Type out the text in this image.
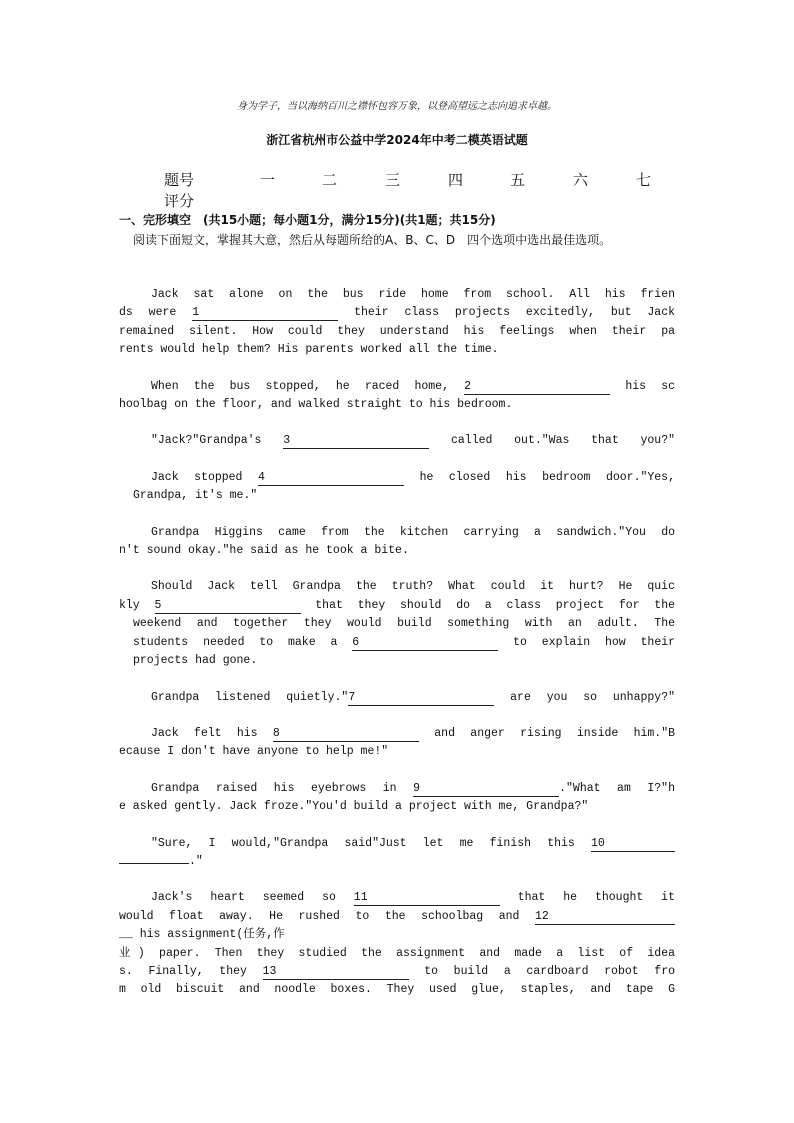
身为学子，当以海纳百川之襟怀包容万象，以登高望远之志向追求卓越。
浙江省杭州市公益中学2024年中考二模英语试题
题号	一	二	三	四	五	六	七
评分
一、完形填空　(共15小题；每小题1分，满分15分)(共1题；共15分)
阅读下面短文，掌握其大意，然后从每题所给的A、B、C、D　四个选项中选出最佳选项。
Jack sat alone on the bus ride home from school. All his frien
ds were 1	their class projects excitedly, but Jack
remained silent. How could they understand his feelings when their pa
rents would help them? His parents worked all the time.
When the bus stopped, he raced home, 2	his sc
hoolbag on the floor, and walked straight to his bedroom.
"Jack?"Grandpa's 3	called out."Was that you?"
Jack stopped 4	he closed his bedroom door."Yes,
Grandpa, it's me."
Grandpa Higgins came from the kitchen carrying a sandwich."You do
n't sound okay."he said as he took a bite.
Should Jack tell Grandpa the truth? What could it hurt? He quic
kly 5	that they should do a class project for the
weekend and together they would build something with an adult. The
students needed to make a 6	to explain how their
projects had gone.
Grandpa listened quietly."7	are you so unhappy?"
Jack felt his 8	and anger rising inside him."B
ecause I don't have anyone to help me!"
Grandpa raised his eyebrows in 9	."What am I?"h
e asked gently. Jack froze."You'd build a project with me, Grandpa?"
"Sure, I would,"Grandpa said"Just let me finish this 10
."
Jack's heart seemed so 11	that he thought it
would float away. He rushed to the schoolbag and 12
__ his assignment(任务,作
业) paper. Then they studied the assignment and made a list of idea
s. Finally, they 13	to build a cardboard robot fro
m old biscuit and noodle boxes. They used glue, staples, and tape G
